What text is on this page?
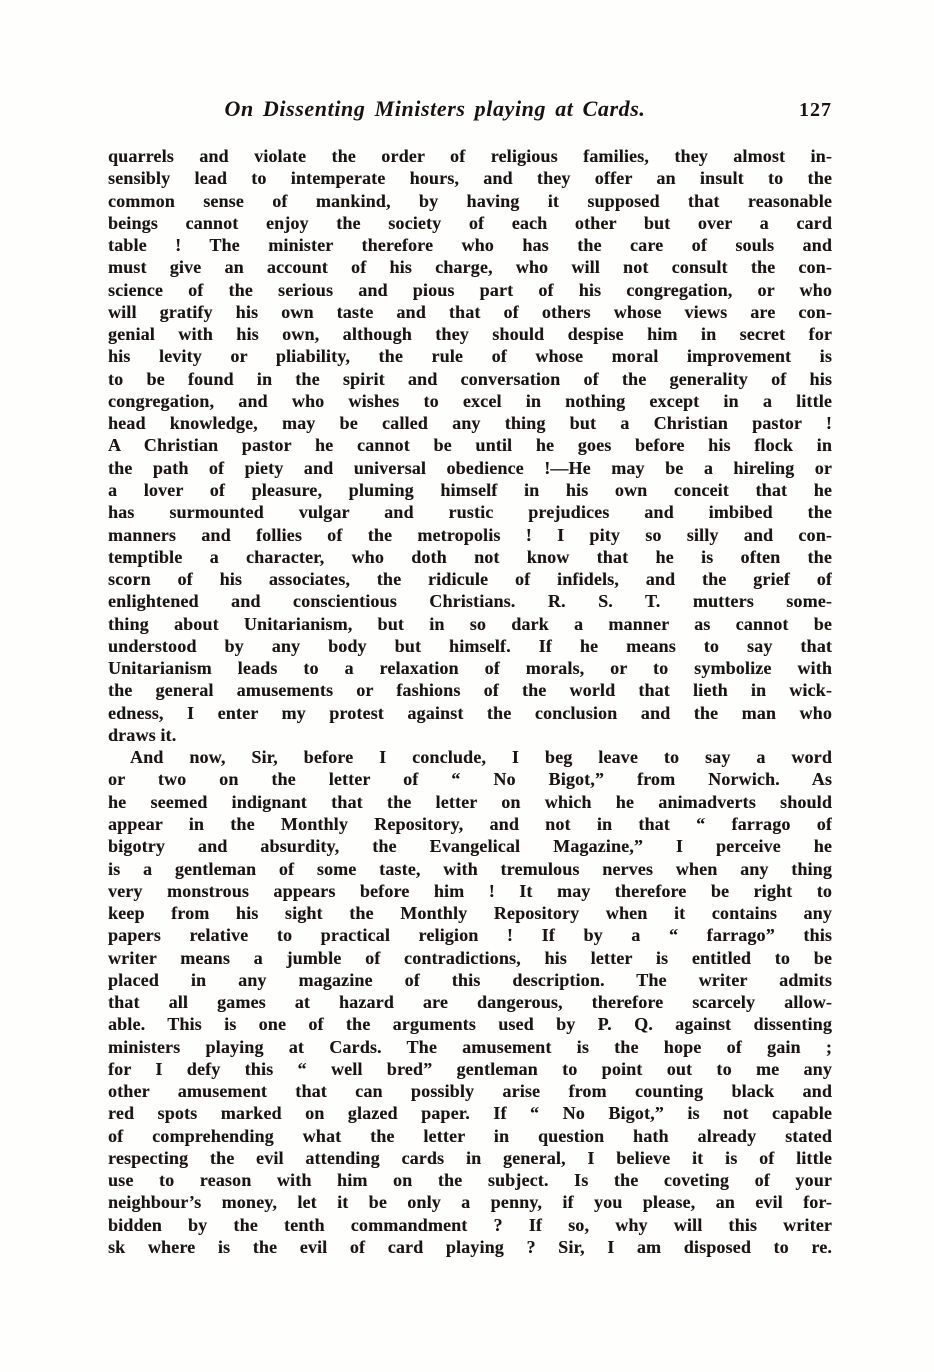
On Dissenting Ministers playing at Cards.	127
quarrels and violate the order of religious families, they almost in-
sensibly lead to intemperate hours, and they offer an insult to the
common sense of mankind, by having it supposed that reasonable
beings cannot enjoy the society of each other but over a card
table ! The minister therefore who has the care of souls and
must give an account of his charge, who will not consult the con-
science of the serious and pious part of his congregation, or who
will gratify his own taste and that of others whose views are con-
genial with his own, although they should despise him in secret for
his levity or pliability, the rule of whose moral improvement is
to be found in the spirit and conversation of the generality of his
congregation, and who wishes to excel in nothing except in a little
head knowledge, may be called any thing but a Christian pastor !
A Christian pastor he cannot be until he goes before his flock in
the path of piety and universal obedience !—He may be a hireling or
a lover of pleasure, pluming himself in his own conceit that he
has surmounted vulgar and rustic prejudices and imbibed the
manners and follies of the metropolis ! I pity so silly and con-
temptible a character, who doth not know that he is often the
scorn of his associates, the ridicule of infidels, and the grief of
enlightened and conscientious Christians. R. S. T. mutters some-
thing about Unitarianism, but in so dark a manner as cannot be
understood by any body but himself. If he means to say that
Unitarianism leads to a relaxation of morals, or to symbolize with
the general amusements or fashions of the world that lieth in wick-
edness, I enter my protest against the conclusion and the man who
draws it.
And now, Sir, before I conclude, I beg leave to say a word
or two on the letter of “ No Bigot,” from Norwich. As
he seemed indignant that the letter on which he animadverts should
appear in the Monthly Repository, and not in that “ farrago of
bigotry and absurdity, the Evangelical Magazine,” I perceive he
is a gentleman of some taste, with tremulous nerves when any thing
very monstrous appears before him ! It may therefore be right to
keep from his sight the Monthly Repository when it contains any
papers relative to practical religion ! If by a “ farrago” this
writer means a jumble of contradictions, his letter is entitled to be
placed in any magazine of this description. The writer admits
that all games at hazard are dangerous, therefore scarcely allow-
able. This is one of the arguments used by P. Q. against dissenting
ministers playing at Cards. The amusement is the hope of gain ;
for I defy this “ well bred” gentleman to point out to me any
other amusement that can possibly arise from counting black and
red spots marked on glazed paper. If “ No Bigot,” is not capable
of comprehending what the letter in question hath already stated
respecting the evil attending cards in general, I believe it is of little
use to reason with him on the subject. Is the coveting of your
neighbour’s money, let it be only a penny, if you please, an evil for-
bidden by the tenth commandment ? If so, why will this writer
sk where is the evil of card playing ? Sir, I am disposed to re.
